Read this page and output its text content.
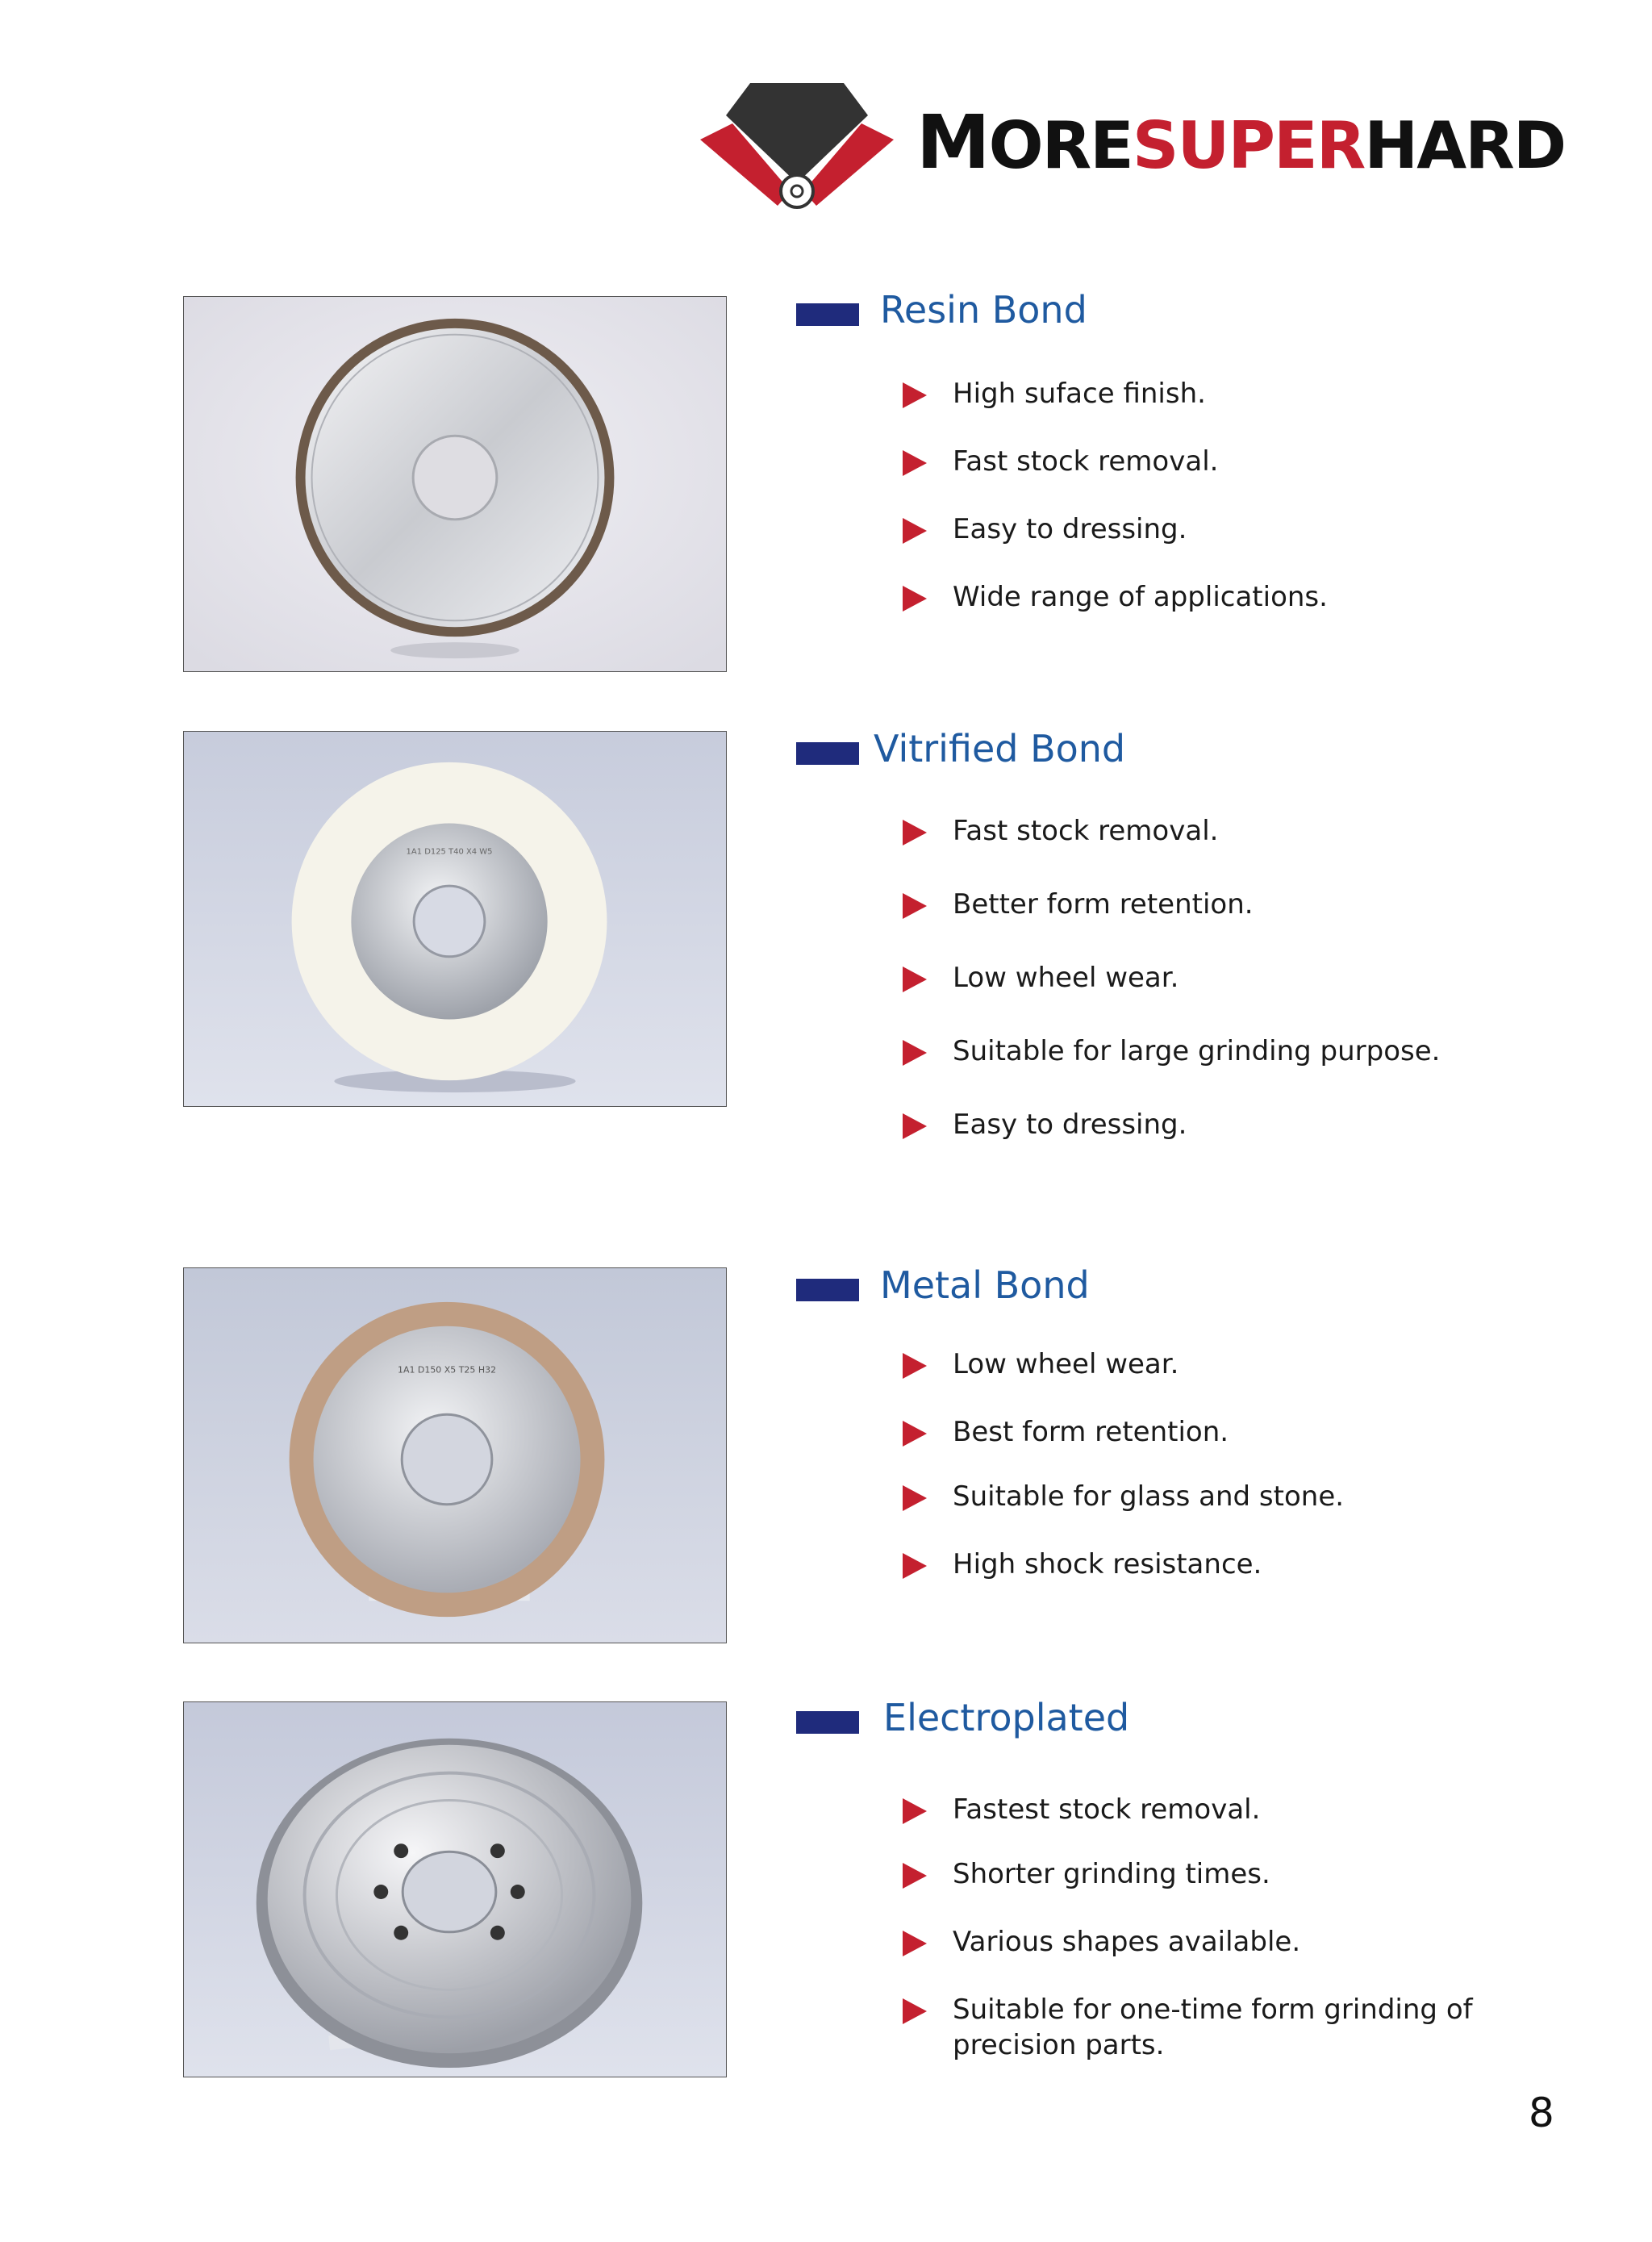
MORESUPERHARD
1A1 D125 T40 X4 W5
1A1 D150 X5 T25 H32
Resin Bond
High suface finish.
Fast stock removal.
Easy to dressing.
Wide range of applications.
Vitrified Bond
Fast stock removal.
Better form retention.
Low wheel wear.
Suitable for large grinding purpose.
Easy to dressing.
Metal Bond
Low wheel wear.
Best form retention.
Suitable for glass and stone.
High shock resistance.
Electroplated
Fastest stock removal.
Shorter grinding times.
Various shapes available.
Suitable for one-time form grinding of precision parts.
8
